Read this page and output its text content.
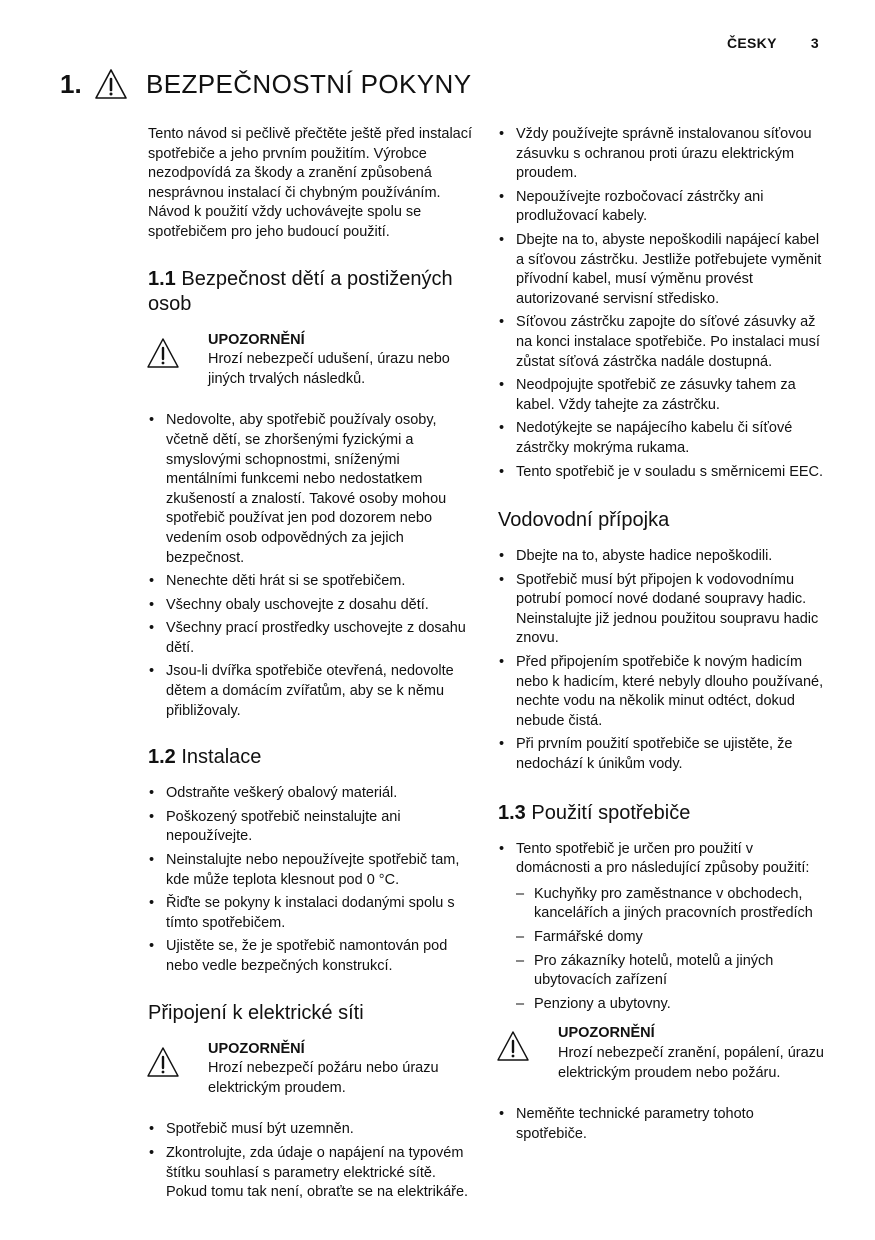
ČESKY 3
1.	BEZPEČNOSTNÍ POKYNY

Tento návod si pečlivě přečtěte ještě před instalací spotřebiče a jeho prvním použitím. Výrobce nezodpovídá za škody a zranění způsobená nesprávnou instalací či chybným používáním. Návod k použití vždy uchovávejte spolu se spotřebičem pro jeho budoucí použití.

1.1 Bezpečnost dětí a postižených osob
UPOZORNĚNÍ
Hrozí nebezpečí udušení, úrazu nebo jiných trvalých následků.
• Nedovolte, aby spotřebič používaly osoby, včetně dětí, se zhoršenými fyzickými a smyslovými schopnostmi, sníženými mentálními funkcemi nebo nedostatkem zkušeností a znalostí. Takové osoby mohou spotřebič používat jen pod dozorem nebo vedením osob odpovědných za jejich bezpečnost.
• Nenechte děti hrát si se spotřebičem.
• Všechny obaly uschovejte z dosahu dětí.
• Všechny prací prostředky uschovejte z dosahu dětí.
• Jsou-li dvířka spotřebiče otevřená, nedovolte dětem a domácím zvířatům, aby se k němu přibližovaly.
1.2 Instalace
• Odstraňte veškerý obalový materiál.
• Poškozený spotřebič neinstalujte ani nepoužívejte.
• Neinstalujte nebo nepoužívejte spotřebič tam, kde může teplota klesnout pod 0 °C.
• Řiďte se pokyny k instalaci dodanými spolu s tímto spotřebičem.
• Ujistěte se, že je spotřebič namontován pod nebo vedle bezpečných konstrukcí.
Připojení k elektrické síti
UPOZORNĚNÍ
Hrozí nebezpečí požáru nebo úrazu elektrickým proudem.
• Spotřebič musí být uzemněn.
• Zkontrolujte, zda údaje o napájení na typovém štítku souhlasí s parametry elektrické sítě. Pokud tomu tak není, obraťte se na elektrikáře.
• Vždy používejte správně instalovanou síťovou zásuvku s ochranou proti úrazu elektrickým proudem.
• Nepoužívejte rozbočovací zástrčky ani prodlužovací kabely.
• Dbejte na to, abyste nepoškodili napájecí kabel a síťovou zástrčku. Jestliže potřebujete vyměnit přívodní kabel, musí výměnu provést autorizované servisní středisko.
• Síťovou zástrčku zapojte do síťové zásuvky až na konci instalace spotřebiče. Po instalaci musí zůstat síťová zástrčka nadále dostupná.
• Neodpojujte spotřebič ze zásuvky tahem za kabel. Vždy tahejte za zástrčku.
• Nedotýkejte se napájecího kabelu či síťové zástrčky mokrýma rukama.
• Tento spotřebič je v souladu s směrnicemi EEC.
Vodovodní přípojka
• Dbejte na to, abyste hadice nepoškodili.
• Spotřebič musí být připojen k vodovodnímu potrubí pomocí nové dodané soupravy hadic. Neinstalujte již jednou použitou soupravu hadic znovu.
• Před připojením spotřebiče k novým hadicím nebo k hadicím, které nebyly dlouho používané, nechte vodu na několik minut odtéct, dokud nebude čistá.
• Při prvním použití spotřebiče se ujistěte, že nedochází k únikům vody.
1.3 Použití spotřebiče
• Tento spotřebič je určen pro použití v domácnosti a pro následující způsoby použití:
– Kuchyňky pro zaměstnance v obchodech, kancelářích a jiných pracovních prostředích
– Farmářské domy
– Pro zákazníky hotelů, motelů a jiných ubytovacích zařízení
– Penziony a ubytovny.
UPOZORNĚNÍ
Hrozí nebezpečí zranění, popálení, úrazu elektrickým proudem nebo požáru.
• Neměňte technické parametry tohoto spotřebiče.
